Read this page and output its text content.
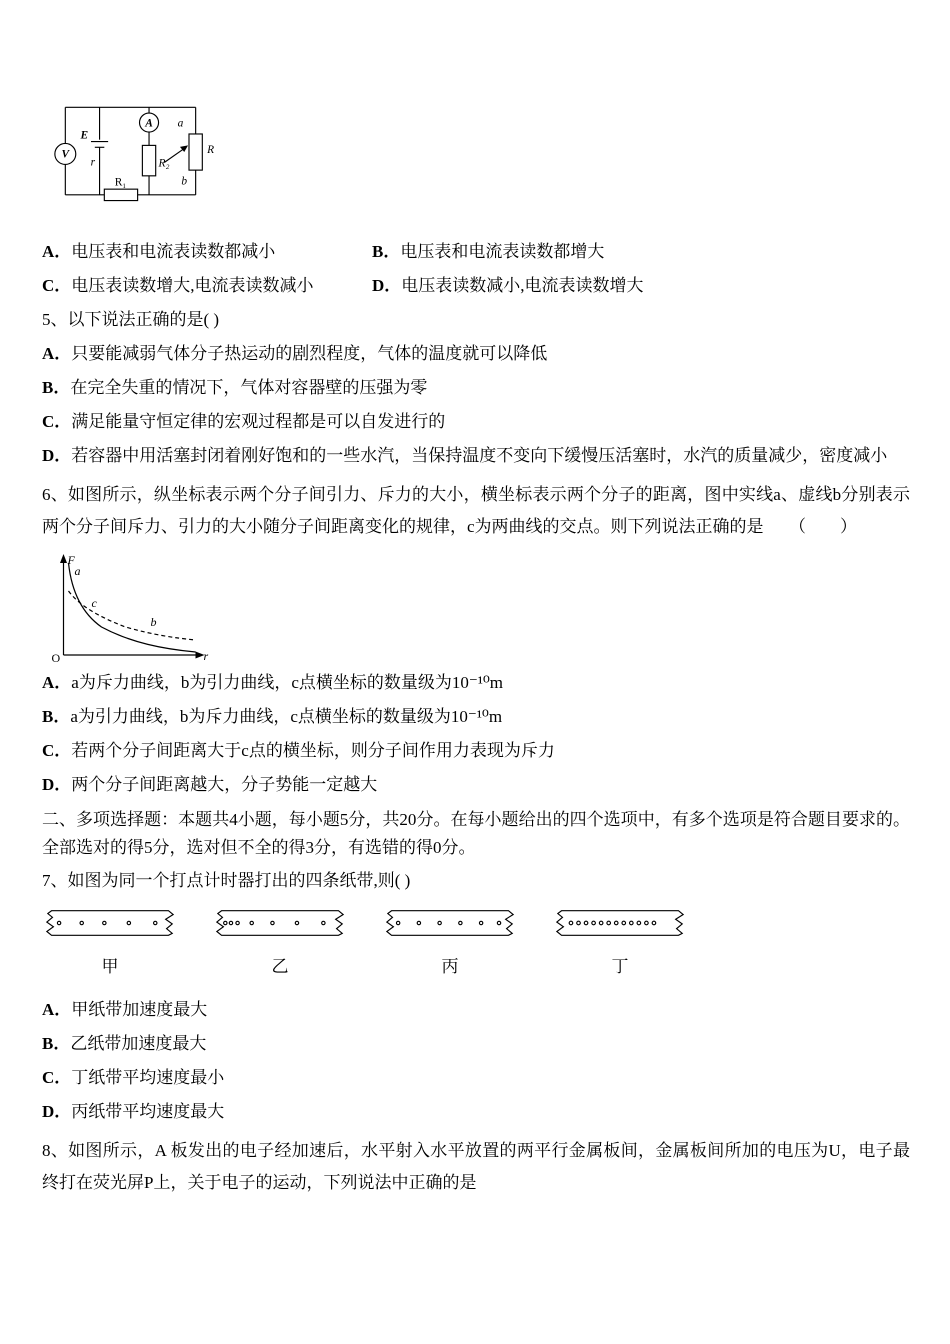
V
E
r
R₁
A
R₂
R
a
b
A．电压表和电流表读数都减小	B．电压表和电流表读数都增大
C．电压表读数增大,电流表读数减小	D．电压表读数减小,电流表读数增大
5、以下说法正确的是( )
A．只要能减弱气体分子热运动的剧烈程度，气体的温度就可以降低
B．在完全失重的情况下，气体对容器壁的压强为零
C．满足能量守恒定律的宏观过程都是可以自发进行的
D．若容器中用活塞封闭着刚好饱和的一些水汽，当保持温度不变向下缓慢压活塞时，水汽的质量减少，密度减小
6、如图所示，纵坐标表示两个分子间引力、斥力的大小，横坐标表示两个分子的距离，图中实线a、虚线b分别表示两个分子间斥力、引力的大小随分子间距离变化的规律，c为两曲线的交点。则下列说法正确的是　　（　　）
O
F
r
a
b
c
A．a为斥力曲线，b为引力曲线，c点横坐标的数量级为10⁻¹⁰m
B．a为引力曲线，b为斥力曲线，c点横坐标的数量级为10⁻¹⁰m
C．若两个分子间距离大于c点的横坐标，则分子间作用力表现为斥力
D．两个分子间距离越大，分子势能一定越大
二、多项选择题：本题共4小题，每小题5分，共20分。在每小题给出的四个选项中，有多个选项是符合题目要求的。全部选对的得5分，选对但不全的得3分，有选错的得0分。
7、如图为同一个打点计时器打出的四条纸带,则( )
甲	乙	丙	丁
A．甲纸带加速度最大
B．乙纸带加速度最大
C．丁纸带平均速度最小
D．丙纸带平均速度最大
8、如图所示，A 板发出的电子经加速后，水平射入水平放置的两平行金属板间，金属板间所加的电压为U，电子最终打在荧光屏P上，关于电子的运动，下列说法中正确的是
